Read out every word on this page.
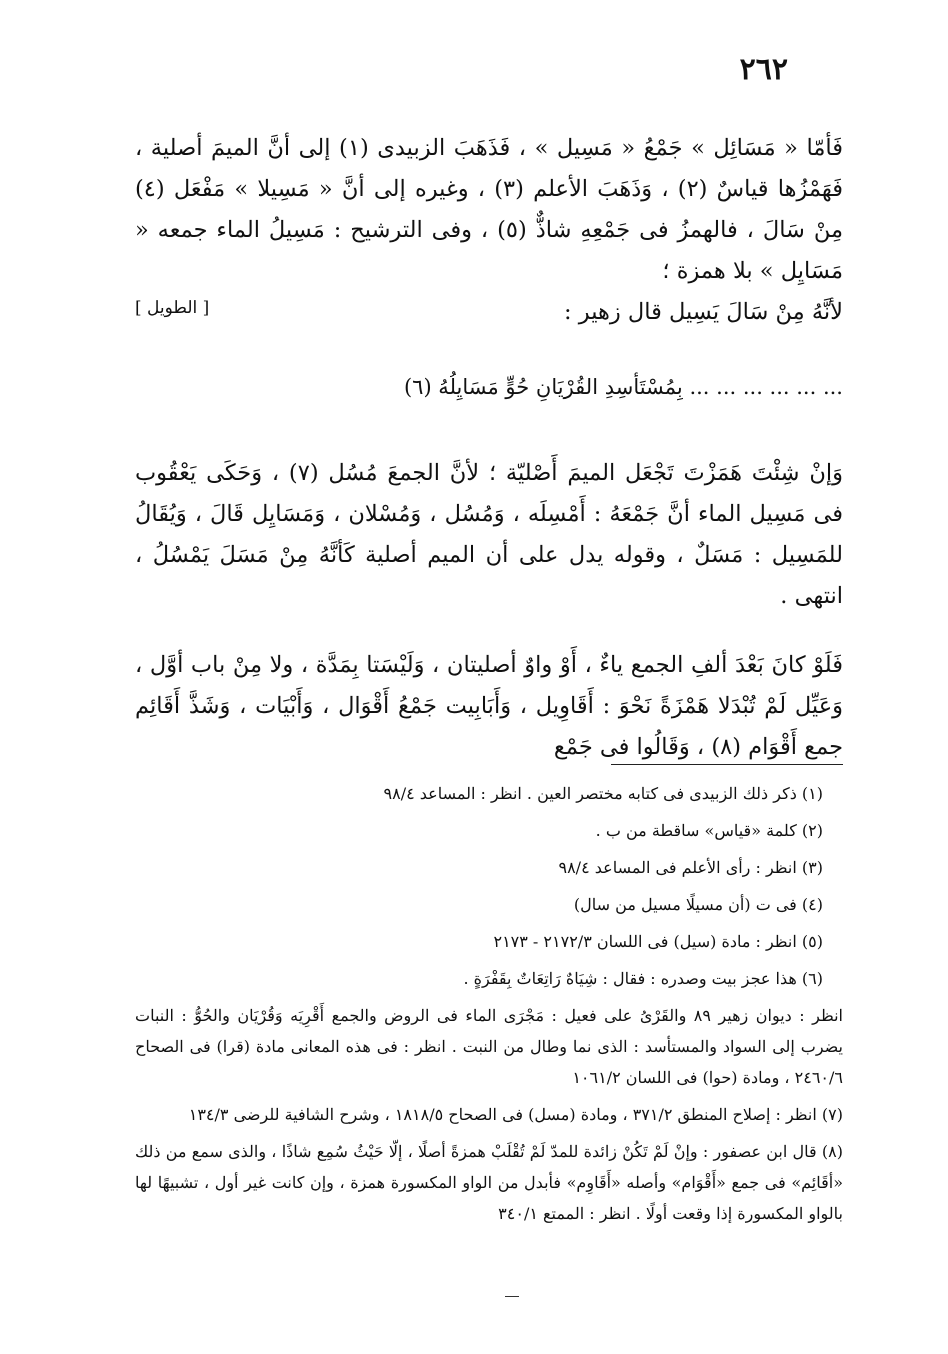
٢٦٢

فَأمّا « مَسَائِل » جَمْعُ « مَسِيل » ، فَذَهَبَ الزبيدى (١) إلى أنَّ الميمَ أصلية ، فَهَمْزُها قياسٌ (٢) ، وَذَهَبَ الأعلم (٣) ، وغيره إلى أنَّ « مَسِيلا » مَفْعَل (٤) مِنْ سَالَ ، فالهمزُ فى جَمْعِهِ شاذٌّ (٥) ، وفى الترشيح : مَسِيلُ الماء جمعه « مَسَايِل » بلا همزة ؛

لأنَّهُ مِنْ سَالَ يَسِيل قال زهير :
[ الطويل ]
... ... ... ... ... ... بِمُسْتَأسِدِ القُرْيَانِ حُوٍّ مَسَايِلُهُ (٦)

وَإنْ شِئْتَ هَمَزْتَ تَجْعَل الميمَ أَصْليّة ؛ لأنَّ الجمعَ مُسُل (٧) ، وَحَكَى يَعْقُوب فى مَسِيل الماء أنَّ جَمْعَهُ : أَمْسِلَه ، وَمُسُل ، وَمُسْلان ، وَمَسَايِل قَالَ ، وَيُقَالُ للمَسِيل : مَسَلٌ ، وقوله يدل على أن الميم أصلية كَأنَّهُ مِنْ مَسَلَ يَمْسُلُ ، انتهى .

فَلَوْ كانَ بَعْدَ ألفِ الجمع ياءٌ ، أَوْ واوٌ أصليتان ، وَلَيْسَتا بِمَدَّة ، ولا مِنْ باب أوَّل ، وَعَيِّل لَمْ تُبْدَلا هَمْزَةً نَحْوَ : أَقَاوِيل ، وَأَبَابِيت جَمْعُ أَقْوَال ، وَأَبْيَات ، وَشَذَّ أَقَائِم جمع أَقْوَام (٨) ، وَقَالُوا فى جَمْع

(١) ذكر ذلك الزبيدى فى كتابه مختصر العين . انظر : المساعد ٩٨/٤

(٢) كلمة «قياس» ساقطة من ب .

(٣) انظر : رأى الأعلم فى المساعد ٩٨/٤

(٤) فى ت (أن مسيلًا مسيل من سال)

(٥) انظر : مادة (سيل) فى اللسان ٢١٧٢/٣ - ٢١٧٣

(٦) هذا عجز بيت وصدره : فقال : شِيَاهٌ رَاتِعَاتٌ بِقَفْرَةٍ .

انظر : ديوان زهير ٨٩ والقَرْىُ على فعيل : مَجْرَى الماء فى الروض والجمع أَقْرِيَه وَقُرْيَان والحُوُّ : النبات يضرب إلى السواد والمستأسد : الذى نما وطال من النبت . انظر : فى هذه المعانى مادة (قرا) فى الصحاح ٢٤٦٠/٦ ، ومادة (حوا) فى اللسان ١٠٦١/٢

(٧) انظر : إصلاح المنطق ٣٧١/٢ ، ومادة (مسل) فى الصحاح ١٨١٨/٥ ، وشرح الشافية للرضى ١٣٤/٣

(٨) قال ابن عصفور : وإنْ لَمْ تَكُنْ زائدة للمدّ لَمْ تُقْلَبْ همزةً أصلًا ، إلّا حَيْثُ سُمِع شاذًا ، والذى سمع من ذلك «أقَائِم» فى جمع «أَقْوَام» وأصله «أَقَاوِم» فأبدل من الواو المكسورة همزة ، وإن كانت غير أول ، تشبيهًا لها بالواو المكسورة إذا وقعت أولًا . انظر : الممتع ٣٤٠/١
